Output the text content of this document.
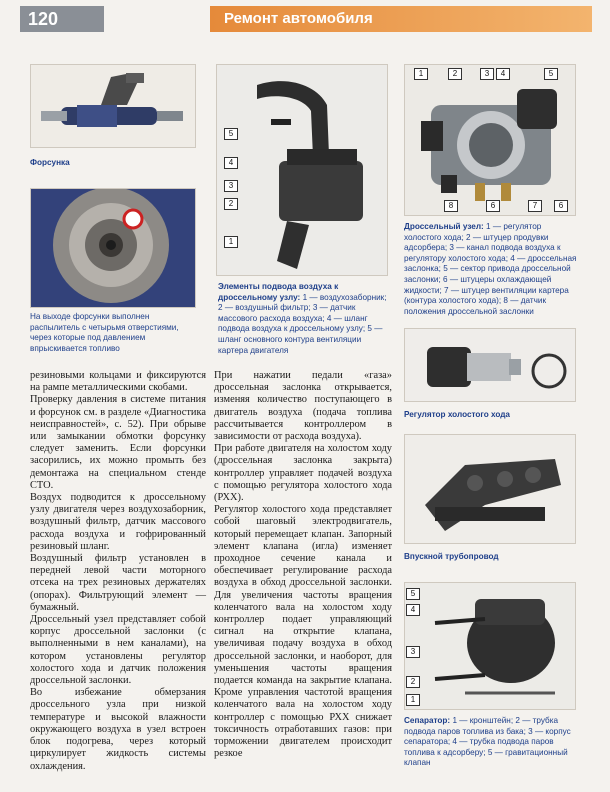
120	Ремонт автомобиля
Форсунка
На выходе форсунки выполнен распылитель с четырьмя отверстиями, через которые под давлением впрыскивается топливо
5
4
3
2
1
Элементы подвода воздуха к дроссельному узлу: 1 — воздухозаборник; 2 — воздушный фильтр; 3 — датчик массового расхода воздуха; 4 — шланг подвода воздуха к дроссельному узлу; 5 — шланг основного контура вентиляции картера двигателя
1	2	3	4	5
8	6	7	6
Дроссельный узел: 1 — регулятор холостого хода; 2 — штуцер продувки адсорбера; 3 — канал подвода воздуха к регулятору холостого хода; 4 — дроссельная заслонка; 5 — сектор привода дроссельной заслонки; 6 — штуцеры охлаждающей жидкости; 7 — штуцер вентиляции картера (контура холостого хода); 8 — датчик положения дроссельной заслонки
Регулятор холостого хода
Впускной трубопровод
5
4
3
2
1
Сепаратор: 1 — кронштейн; 2 — трубка подвода паров топлива из бака; 3 — корпус сепаратора; 4 — трубка подвода паров топлива к адсорберу; 5 — гравитационный клапан

резиновыми кольцами и фиксируются на рампе металлическими скобами.

Проверку давления в системе питания и форсунок см. в разделе «Диагностика неисправностей», с. 52). При обрыве или замыкании обмотки форсунку следует заменить. Если форсунки засорились, их можно промыть без демонтажа на специальном стенде СТО.

Воздух подводится к дроссельному узлу двигателя через воздухозаборник, воздушный фильтр, датчик массового расхода воздуха и гофрированный резиновый шланг.

Воздушный фильтр установлен в передней левой части моторного отсека на трех резиновых держателях (опорах). Фильтрующий элемент — бумажный.

Дроссельный узел представляет собой корпус дроссельной заслонки (с выполненными в нем каналами), на котором установлены регулятор холостого хода и датчик положения дроссельной заслонки.

Во избежание обмерзания дроссельного узла при низкой температуре и высокой влажности окружающего воздуха в узел встроен блок подогрева, через который циркулирует жидкость системы охлаждения.

При нажатии педали «газа» дроссельная заслонка открывается, изменяя количество поступающего в двигатель воздуха (подача топлива рассчитывается контроллером в зависимости от расхода воздуха).

При работе двигателя на холостом ходу (дроссельная заслонка закрыта) контроллер управляет подачей воздуха с помощью регулятора холостого хода (РХХ).

Регулятор холостого хода представляет собой шаговый электродвигатель, который перемещает клапан. Запорный элемент клапана (игла) изменяет проходное сечение канала и обеспечивает регулирование расхода воздуха в обход дроссельной заслонки. Для увеличения частоты вращения коленчатого вала на холостом ходу контроллер подает управляющий сигнал на открытие клапана, увеличивая подачу воздуха в обход дроссельной заслонки, и наоборот, для уменьшения частоты вращения подается команда на закрытие клапана. Кроме управления частотой вращения коленчатого вала на холостом ходу контроллер с помощью РХХ снижает токсичность отработавших газов: при торможении двигателем происходит резкое
